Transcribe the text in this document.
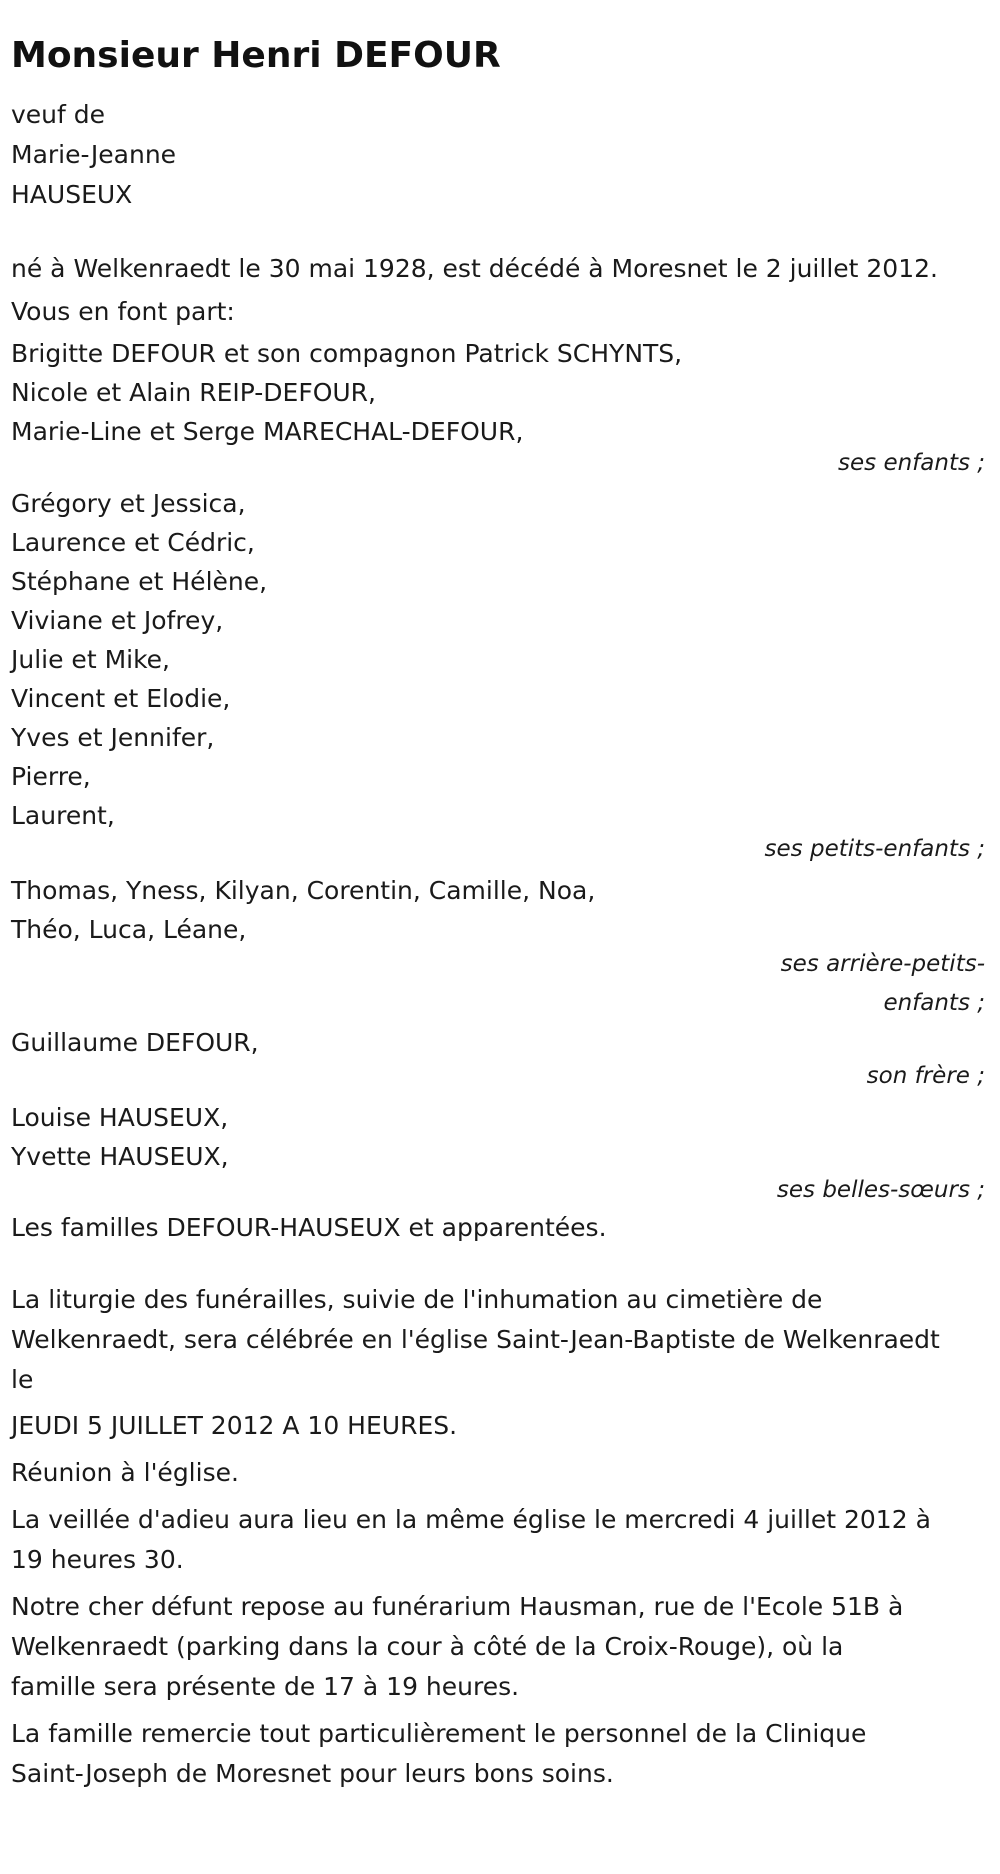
Monsieur Henri DEFOUR

veuf de
Marie-Jeanne
HAUSEUX

né à Welkenraedt le 30 mai 1928, est décédé à Moresnet le 2 juillet 2012.

Vous en font part:

Brigitte DEFOUR et son compagnon Patrick SCHYNTS,
Nicole et Alain REIP-DEFOUR,
Marie-Line et Serge MARECHAL-DEFOUR,

ses enfants ;

Grégory et Jessica,
Laurence et Cédric,
Stéphane et Hélène,
Viviane et Jofrey,
Julie et Mike,
Vincent et Elodie,
Yves et Jennifer,
Pierre,
Laurent,

ses petits-enfants ;

Thomas, Yness, Kilyan, Corentin, Camille, Noa,
Théo, Luca, Léane,

ses arrière-petits-
enfants ;

Guillaume DEFOUR,

son frère ;

Louise HAUSEUX,
Yvette HAUSEUX,

ses belles-sœurs ;

Les familles DEFOUR-HAUSEUX et apparentées.

La liturgie des funérailles, suivie de l'inhumation au cimetière de
Welkenraedt, sera célébrée en l'église Saint-Jean-Baptiste de Welkenraedt
le

JEUDI 5 JUILLET 2012 A 10 HEURES.

Réunion à l'église.

La veillée d'adieu aura lieu en la même église le mercredi 4 juillet 2012 à
19 heures 30.

Notre cher défunt repose au funérarium Hausman, rue de l'Ecole 51B à
Welkenraedt (parking dans la cour à côté de la Croix-Rouge), où la
famille sera présente de 17 à 19 heures.

La famille remercie tout particulièrement le personnel de la Clinique
Saint-Joseph de Moresnet pour leurs bons soins.
